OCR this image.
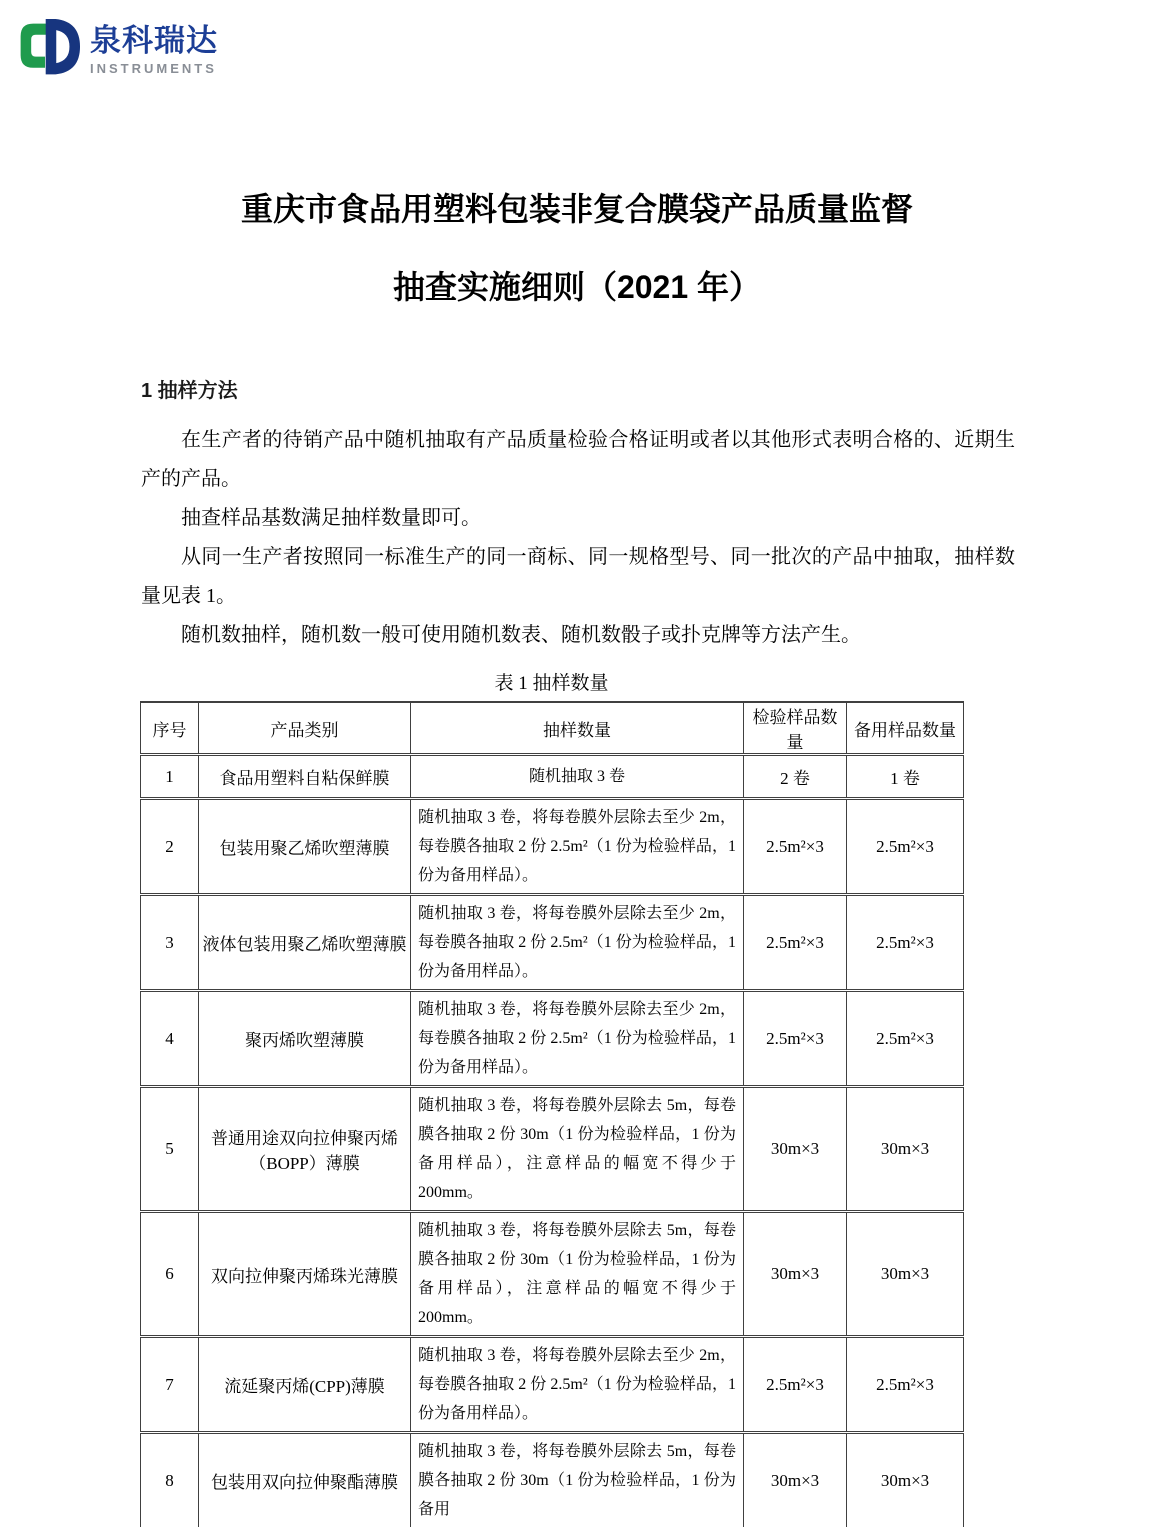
泉科瑞达
INSTRUMENTS
重庆市食品用塑料包装非复合膜袋产品质量监督
抽查实施细则（2021 年）
1 抽样方法

在生产者的待销产品中随机抽取有产品质量检验合格证明或者以其他形式表明合格的、近期生产的产品。

抽查样品基数满足抽样数量即可。

从同一生产者按照同一标准生产的同一商标、同一规格型号、同一批次的产品中抽取，抽样数量见表 1。

随机数抽样，随机数一般可使用随机数表、随机数骰子或扑克牌等方法产生。

表 1 抽样数量
序号	产品类别	抽样数量	检验样品数量	备用样品数量
1	食品用塑料自粘保鲜膜	随机抽取 3 卷	2 卷	1 卷
2	包装用聚乙烯吹塑薄膜	随机抽取 3 卷，将每卷膜外层除去至少 2m，每卷膜各抽取 2 份 2.5m²（1 份为检验样品，1 份为备用样品）。	2.5m²×3	2.5m²×3
3	液体包装用聚乙烯吹塑薄膜	随机抽取 3 卷，将每卷膜外层除去至少 2m，每卷膜各抽取 2 份 2.5m²（1 份为检验样品，1 份为备用样品）。	2.5m²×3	2.5m²×3
4	聚丙烯吹塑薄膜	随机抽取 3 卷，将每卷膜外层除去至少 2m，每卷膜各抽取 2 份 2.5m²（1 份为检验样品，1 份为备用样品）。	2.5m²×3	2.5m²×3
5	普通用途双向拉伸聚丙烯（BOPP）薄膜	随机抽取 3 卷，将每卷膜外层除去 5m，每卷膜各抽取 2 份 30m（1 份为检验样品，1 份为备用样品），注意样品的幅宽不得少于 200mm。	30m×3	30m×3
6	双向拉伸聚丙烯珠光薄膜	随机抽取 3 卷，将每卷膜外层除去 5m，每卷膜各抽取 2 份 30m（1 份为检验样品，1 份为备用样品），注意样品的幅宽不得少于 200mm。	30m×3	30m×3
7	流延聚丙烯(CPP)薄膜	随机抽取 3 卷，将每卷膜外层除去至少 2m，每卷膜各抽取 2 份 2.5m²（1 份为检验样品，1 份为备用样品）。	2.5m²×3	2.5m²×3
8	包装用双向拉伸聚酯薄膜	随机抽取 3 卷，将每卷膜外层除去 5m，每卷膜各抽取 2 份 30m（1 份为检验样品，1 份为备用	30m×3	30m×3
